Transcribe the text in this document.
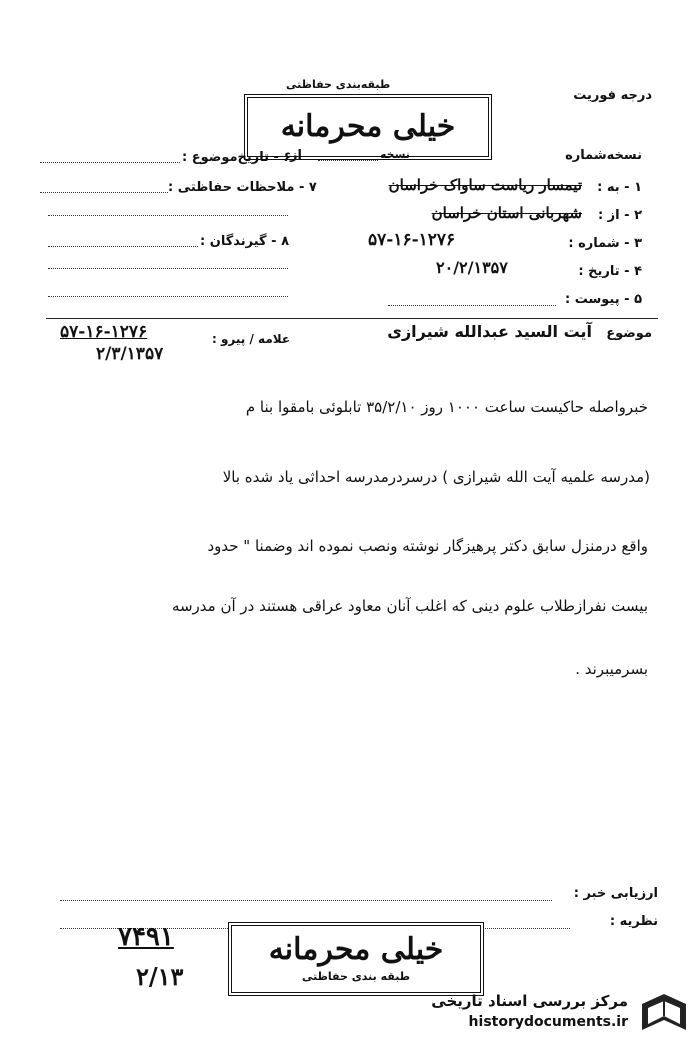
درجه فوریت
طبقه‌بندی حفاظتی
خیلی محرمانه
نسخه‌شماره
از	نسخه
۶ - تاریخ‌موضوع :
۱ - به :
تیمسار ریاست ساواک خراسان
۲ - از :
شهربانی استان خراسان
۳ - شماره :
۵۷-۱۶-۱۲۷۶
۴ - تاریخ :
۲۰/۲/۱۳۵۷
۵ - پیوست :
۷ - ملاحظات حفاظتی :
۸ - گیرندگان :
موضوع
آیت السید عبدالله شیرازی
علامه / پیرو :
۵۷-۱۶-۱۲۷۶
۲/۳/۱۳۵۷
خبرواصله حاکیست ساعت ۱۰۰۰ روز ۳۵/۲/۱۰ تابلوئی بامقوا بنا م
(مدرسه علمیه آیت الله شیرازی ) درسردرمدرسه احداثی یاد شده بالا
واقع درمنزل سابق دکتر پرهیزگار نوشته ونصب نموده اند وضمنا " حدود
بیست نفرازطلاب علوم دینی که اغلب آنان معاود عراقی هستند در آن مدرسه
بسرمیبرند .
ارزیابی خبر :
نظریه :
خیلی محرمانه
طبقه بندی حفاظتی
۷۴۹۱
۲/۱۳
مرکز بررسی اسناد تاریخی
historydocuments.ir
